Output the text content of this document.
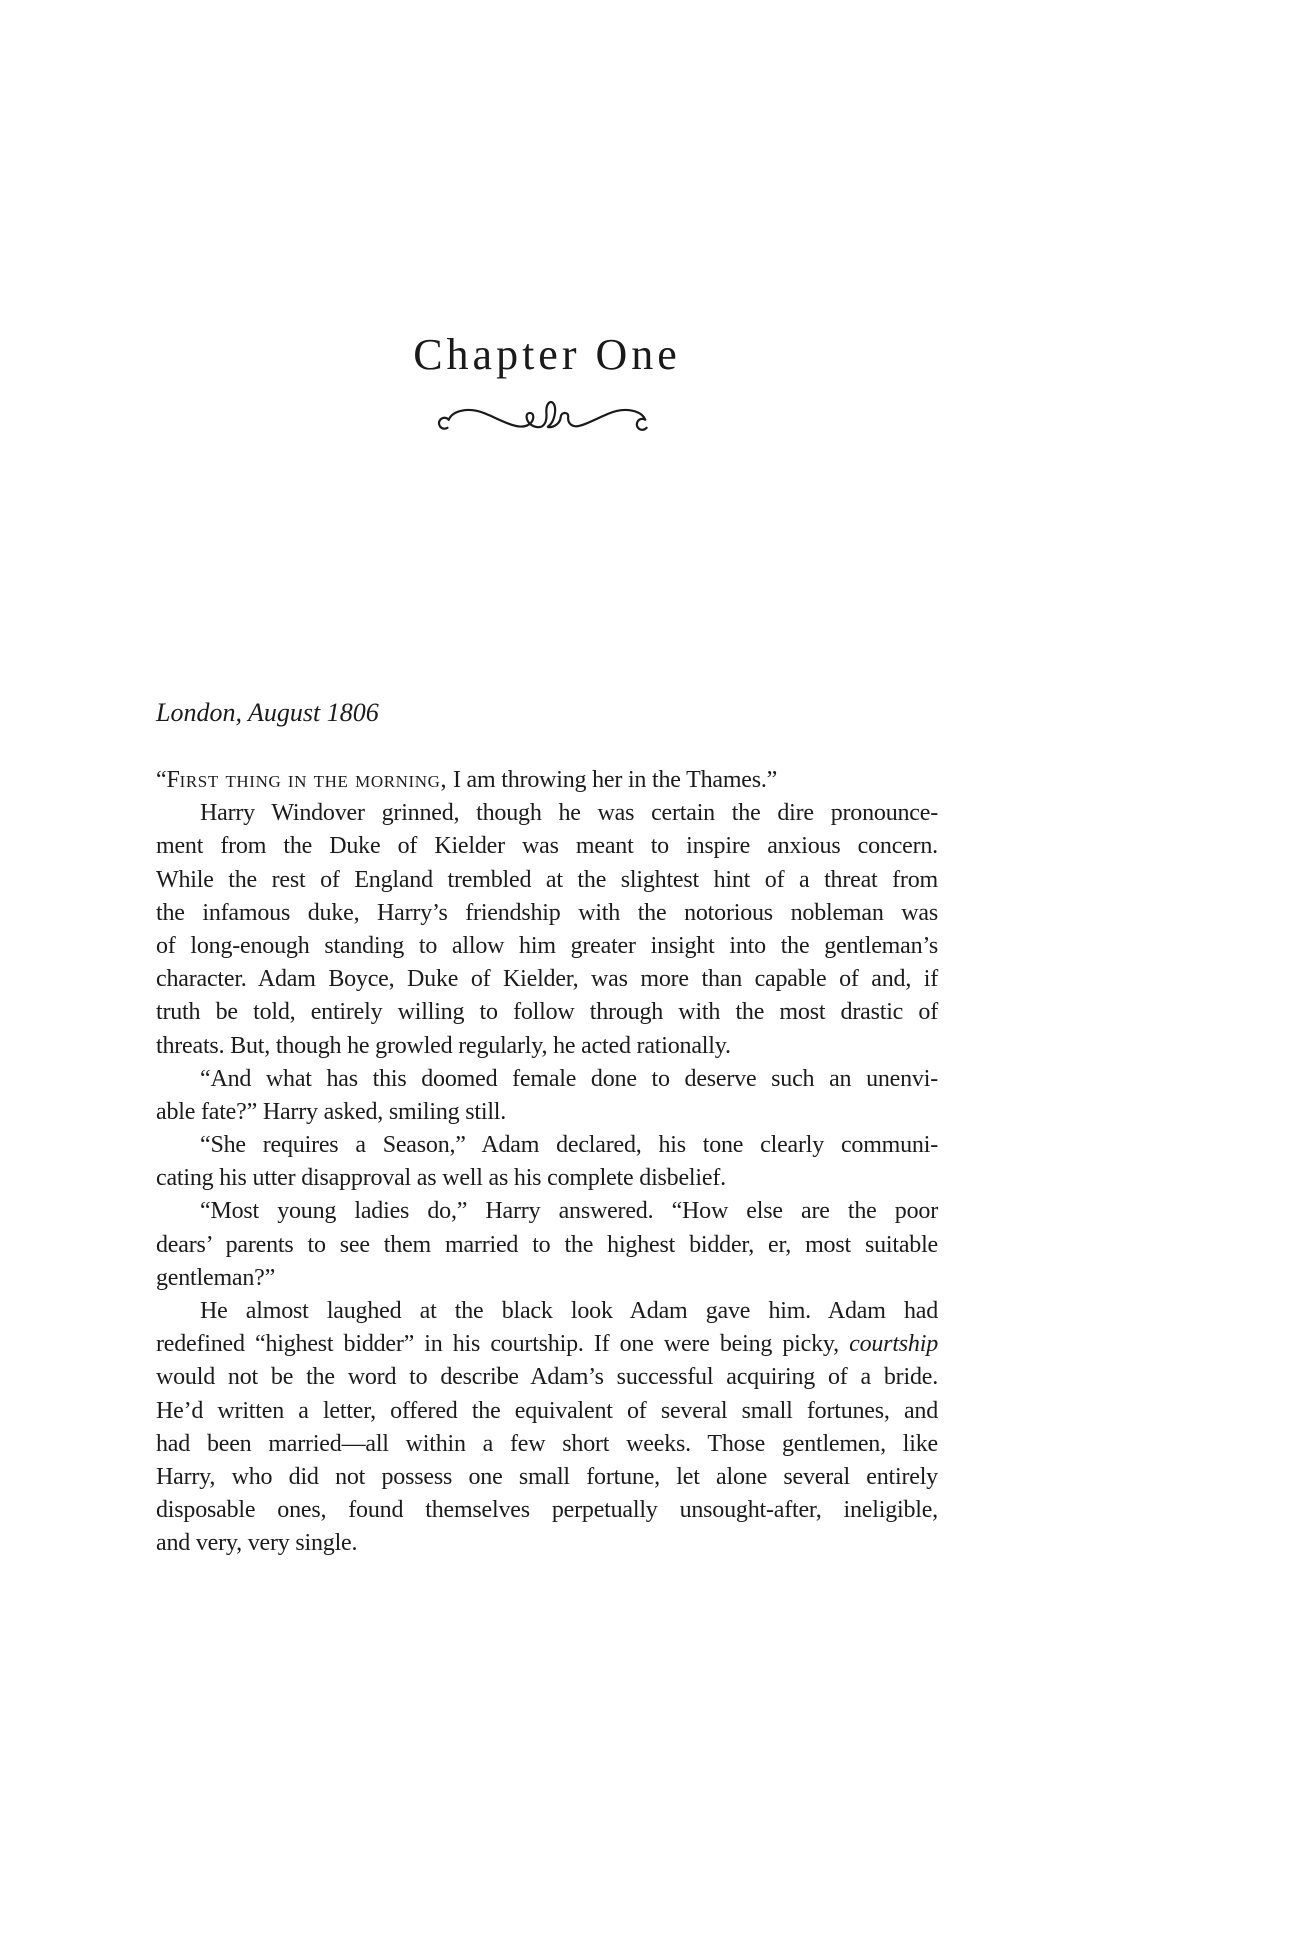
Chapter One
London, August 1806
“First thing in the morning, I am throwing her in the Thames.”
Harry Windover grinned, though he was certain the dire pronounce-
ment from the Duke of Kielder was meant to inspire anxious concern.
While the rest of England trembled at the slightest hint of a threat from
the infamous duke, Harry’s friendship with the notorious nobleman was
of long-enough standing to allow him greater insight into the gentleman’s
character. Adam Boyce, Duke of Kielder, was more than capable of and, if
truth be told, entirely willing to follow through with the most drastic of
threats. But, though he growled regularly, he acted rationally.
“And what has this doomed female done to deserve such an unenvi-
able fate?” Harry asked, smiling still.
“She requires a Season,” Adam declared, his tone clearly communi-
cating his utter disapproval as well as his complete disbelief.
“Most young ladies do,” Harry answered. “How else are the poor
dears’ parents to see them married to the highest bidder, er, most suitable
gentleman?”
He almost laughed at the black look Adam gave him. Adam had
redefined “highest bidder” in his courtship. If one were being picky, courtship
would not be the word to describe Adam’s successful acquiring of a bride.
He’d written a letter, offered the equivalent of several small fortunes, and
had been married—all within a few short weeks. Those gentlemen, like
Harry, who did not possess one small fortune, let alone several entirely
disposable ones, found themselves perpetually unsought-after, ineligible,
and very, very single.
